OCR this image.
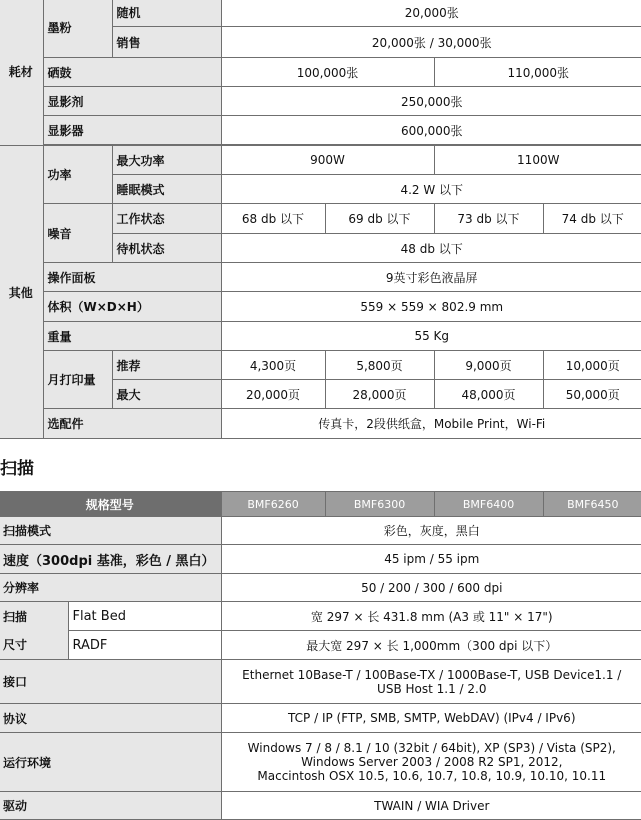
耗材	墨粉	随机	20,000张			
		销售	20,000张 / 30,000张			
	硒鼓		100,000张		110,000张	
	显影剂		250,000张			
	显影器		600,000张			

其他	功率	最大功率	900W		1100W	
		睡眠模式	4.2 W 以下			
	噪音	工作状态	68 db 以下	69 db 以下	73 db 以下	74 db 以下
		待机状态	48 db 以下			
	操作面板		9英寸彩色液晶屏			
	体积（W×D×H）		559 × 559 × 802.9 mm			
	重量		55 Kg			
	月打印量	推荐	4,300页	5,800页	9,000页	10,000页
		最大	20,000页	28,000页	48,000页	50,000页
	选配件		传真卡，2段供纸盒，Mobile Print，Wi-Fi			
扫描
规格型号		BMF6260	BMF6300	BMF6400	BMF6450
扫描模式		彩色，灰度，黑白			
速度（300dpi 基准，彩色 / 黑白）		45 ipm / 55 ipm			
分辨率		50 / 200 / 300 / 600 dpi			
扫描	Flat Bed	宽 297 × 长 431.8 mm (A3 或 11" × 17")			
尺寸	RADF	最大宽 297 × 长 1,000mm（300 dpi 以下）			
接口		Ethernet 10Base-T / 100Base-TX / 1000Base-T, USB Device1.1 /
USB Host 1.1 / 2.0			

协议		TCP / IP (FTP, SMB, SMTP, WebDAV) (IPv4 / IPv6)			
运行环境		Windows 7 / 8 / 8.1 / 10 (32bit / 64bit), XP (SP3) / Vista (SP2),
Windows Server 2003 / 2008 R2 SP1, 2012,
Maccintosh OSX 10.5, 10.6, 10.7, 10.8, 10.9, 10.10, 10.11			

驱动		TWAIN / WIA Driver			
